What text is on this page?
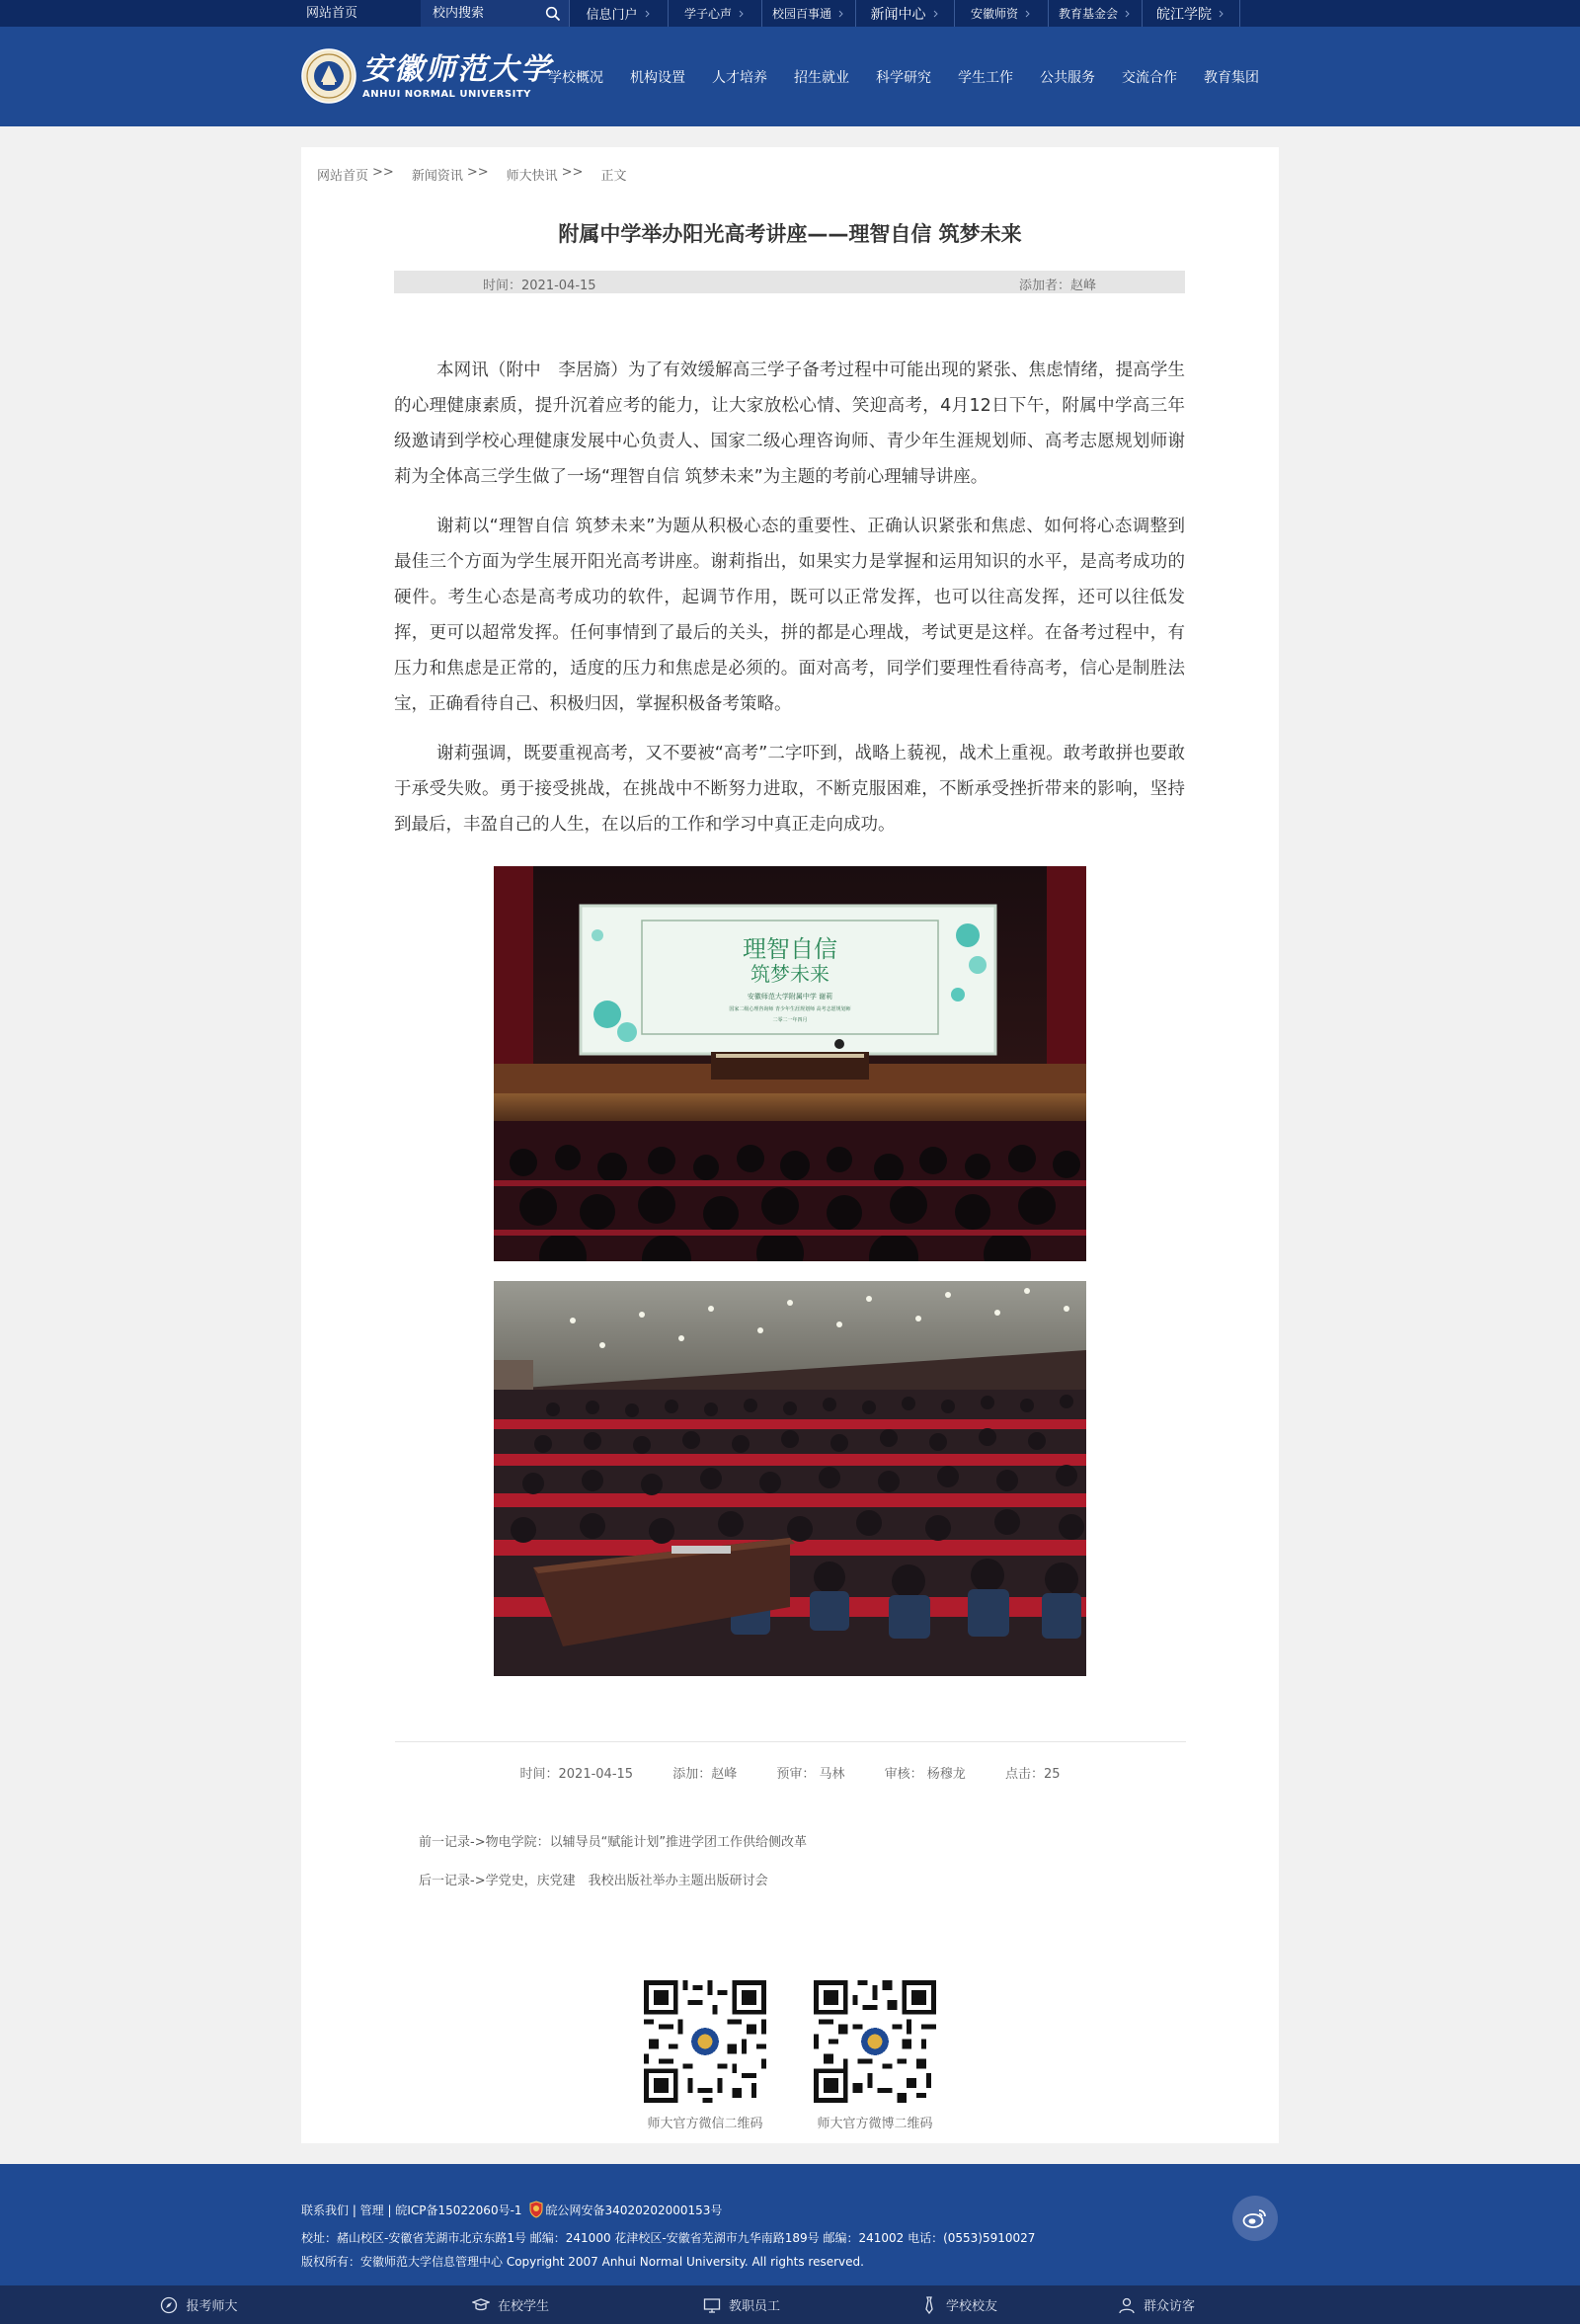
网站首页
校内搜索	信息门户	学子心声	校园百事通	新闻中心	安徽师资	教育基金会	皖江学院
安徽师范大学
ANHUI NORMAL UNIVERSITY
学校概况 机构设置 人才培养 招生就业 科学研究 学生工作 公共服务 交流合作 教育集团
网站首页 >> 新闻资讯 >> 师大快讯 >> 正文
附属中学举办阳光高考讲座——理智自信 筑梦未来
时间：2021-04-15	添加者：赵峰

本网讯（附中　李居旖）为了有效缓解高三学子备考过程中可能出现的紧张、焦虑情绪，提高学生的心理健康素质，提升沉着应考的能力，让大家放松心情、笑迎高考，4月12日下午，附属中学高三年级邀请到学校心理健康发展中心负责人、国家二级心理咨询师、青少年生涯规划师、高考志愿规划师谢莉为全体高三学生做了一场“理智自信 筑梦未来”为主题的考前心理辅导讲座。

谢莉以“理智自信 筑梦未来”为题从积极心态的重要性、正确认识紧张和焦虑、如何将心态调整到最佳三个方面为学生展开阳光高考讲座。谢莉指出，如果实力是掌握和运用知识的水平，是高考成功的硬件。考生心态是高考成功的软件，起调节作用，既可以正常发挥，也可以往高发挥，还可以往低发挥，更可以超常发挥。任何事情到了最后的关头，拼的都是心理战，考试更是这样。在备考过程中，有压力和焦虑是正常的，适度的压力和焦虑是必须的。面对高考，同学们要理性看待高考，信心是制胜法宝，正确看待自己、积极归因，掌握积极备考策略。

谢莉强调，既要重视高考，又不要被“高考”二字吓到，战略上藐视，战术上重视。敢考敢拼也要敢于承受失败。勇于接受挑战，在挑战中不断努力进取，不断克服困难，不断承受挫折带来的影响，坚持到最后，丰盈自己的人生，在以后的工作和学习中真正走向成功。

理智自信
筑梦未来
安徽师范大学附属中学 谢莉
国家二级心理咨询师 青少年生涯规划师 高考志愿规划师
二零二一年四月
时间：2021-04-15	添加：赵峰	预审： 马林	审核： 杨穆龙	点击：25
前一记录->物电学院：以辅导员“赋能计划”推进学团工作供给侧改革
后一记录->学党史，庆党建　我校出版社举办主题出版研讨会
师大官方微信二维码	师大官方微博二维码
联系我们 | 管理 | 皖ICP备15022060号-1 皖公网安备34020202000153号
校址：赭山校区-安徽省芜湖市北京东路1号 邮编：241000 花津校区-安徽省芜湖市九华南路189号 邮编：241002 电话：(0553)5910027
版权所有：安徽师范大学信息管理中心 Copyright 2007 Anhui Normal University. All rights reserved.
报考师大	在校学生	教职员工	学校校友	群众访客
